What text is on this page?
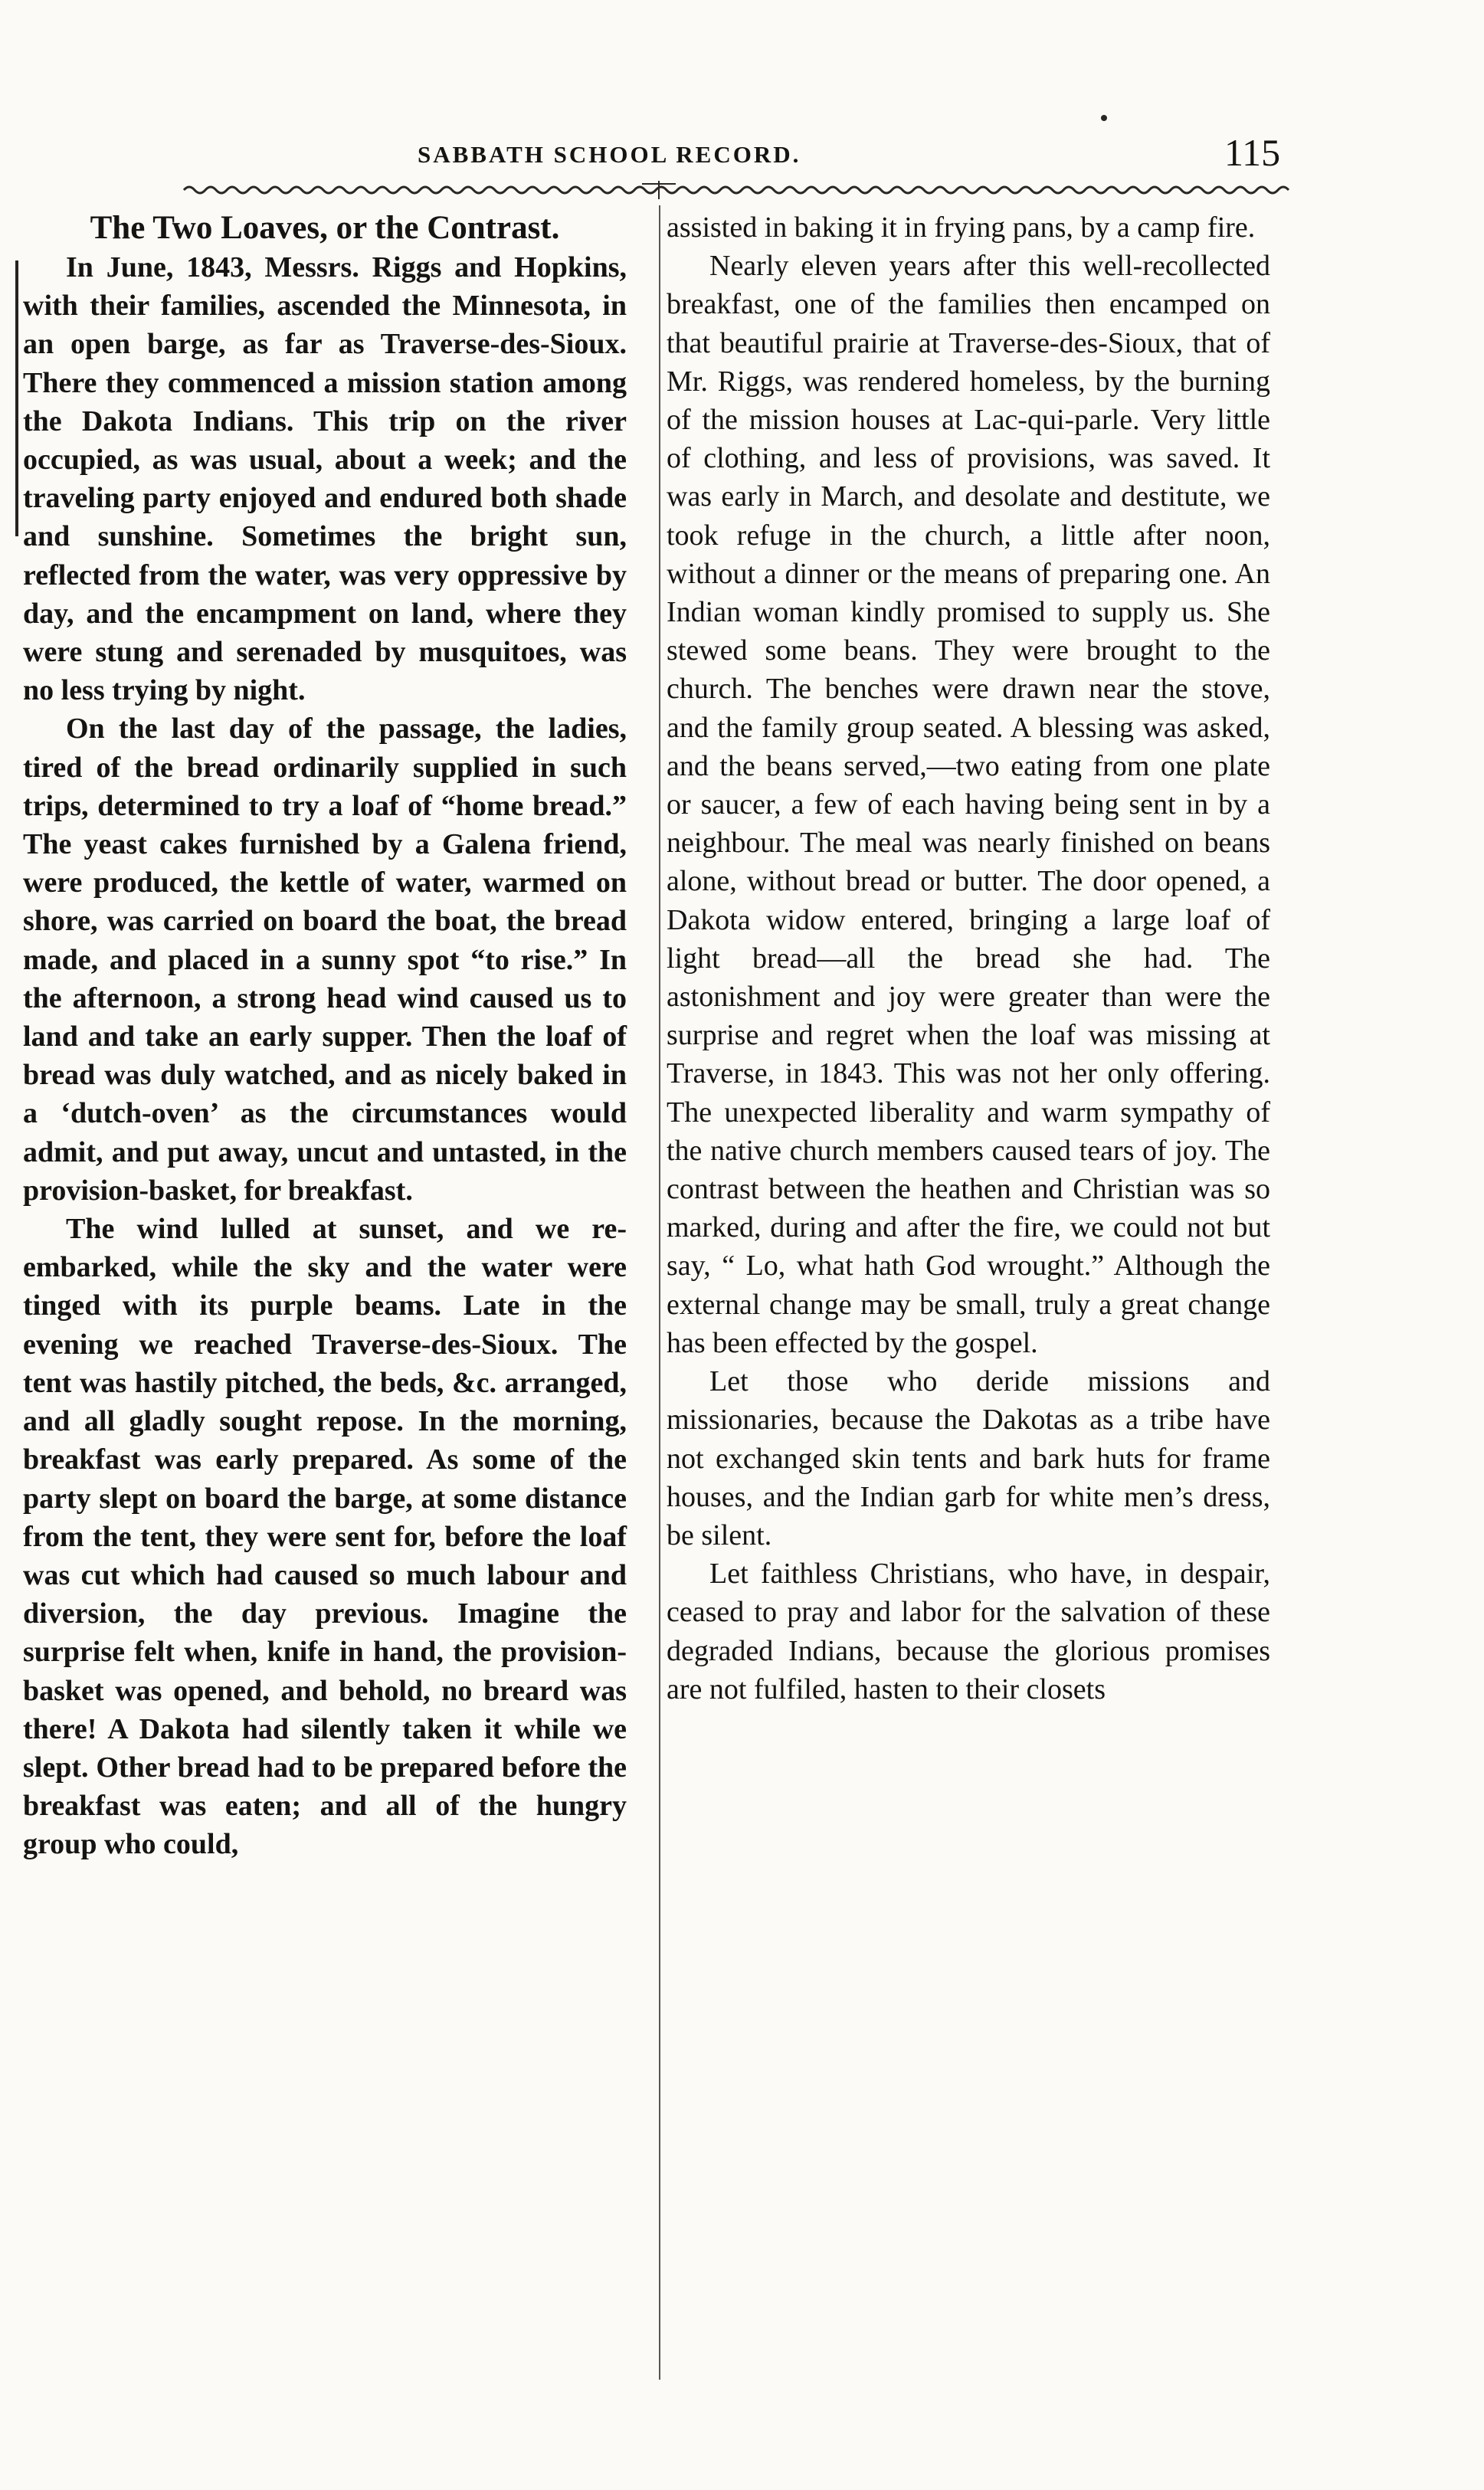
SABBATH SCHOOL RECORD.	115
The Two Loaves, or the Contrast.

In June, 1843, Messrs. Riggs and Hopkins, with their families, ascended the Minnesota, in an open barge, as far as Traverse-des-Sioux. There they commenced a mission station among the Dakota Indians. This trip on the river occupied, as was usual, about a week; and the traveling party enjoyed and endured both shade and sunshine. Sometimes the bright sun, reflected from the water, was very oppressive by day, and the encampment on land, where they were stung and serenaded by musquitoes, was no less trying by night.

On the last day of the passage, the ladies, tired of the bread ordinarily supplied in such trips, determined to try a loaf of “home bread.” The yeast cakes furnished by a Galena friend, were produced, the kettle of water, warmed on shore, was carried on board the boat, the bread made, and placed in a sunny spot “to rise.” In the afternoon, a strong head wind caused us to land and take an early supper. Then the loaf of bread was duly watched, and as nicely baked in a ‘dutch-oven’ as the circumstances would admit, and put away, uncut and untasted, in the provision-basket, for breakfast.

The wind lulled at sunset, and we re-embarked, while the sky and the water were tinged with its purple beams. Late in the evening we reached Traverse-des-Sioux. The tent was hastily pitched, the beds, &c. arranged, and all gladly sought repose. In the morning, breakfast was early prepared. As some of the party slept on board the barge, at some distance from the tent, they were sent for, before the loaf was cut which had caused so much labour and diversion, the day previous. Imagine the surprise felt when, knife in hand, the provision-basket was opened, and behold, no breard was there! A Dakota had silently taken it while we slept. Other bread had to be prepared before the breakfast was eaten; and all of the hungry group who could,

assisted in baking it in frying pans, by a camp fire.

Nearly eleven years after this well-recollected breakfast, one of the families then encamped on that beautiful prairie at Traverse-des-Sioux, that of Mr. Riggs, was rendered homeless, by the burning of the mission houses at Lac-qui-parle. Very little of clothing, and less of provisions, was saved. It was early in March, and desolate and destitute, we took refuge in the church, a little after noon, without a dinner or the means of preparing one. An Indian woman kindly promised to supply us. She stewed some beans. They were brought to the church. The benches were drawn near the stove, and the family group seated. A blessing was asked, and the beans served,—two eating from one plate or saucer, a few of each having being sent in by a neighbour. The meal was nearly finished on beans alone, without bread or butter. The door opened, a Dakota widow entered, bringing a large loaf of light bread—all the bread she had. The astonishment and joy were greater than were the surprise and regret when the loaf was missing at Traverse, in 1843. This was not her only offering. The unexpected liberality and warm sympathy of the native church members caused tears of joy. The contrast between the heathen and Christian was so marked, during and after the fire, we could not but say, “ Lo, what hath God wrought.” Although the external change may be small, truly a great change has been effected by the gospel.

Let those who deride missions and missionaries, because the Dakotas as a tribe have not exchanged skin tents and bark huts for frame houses, and the Indian garb for white men’s dress, be silent.

Let faithless Christians, who have, in despair, ceased to pray and labor for the salvation of these degraded Indians, because the glorious promises are not fulfiled, hasten to their closets
